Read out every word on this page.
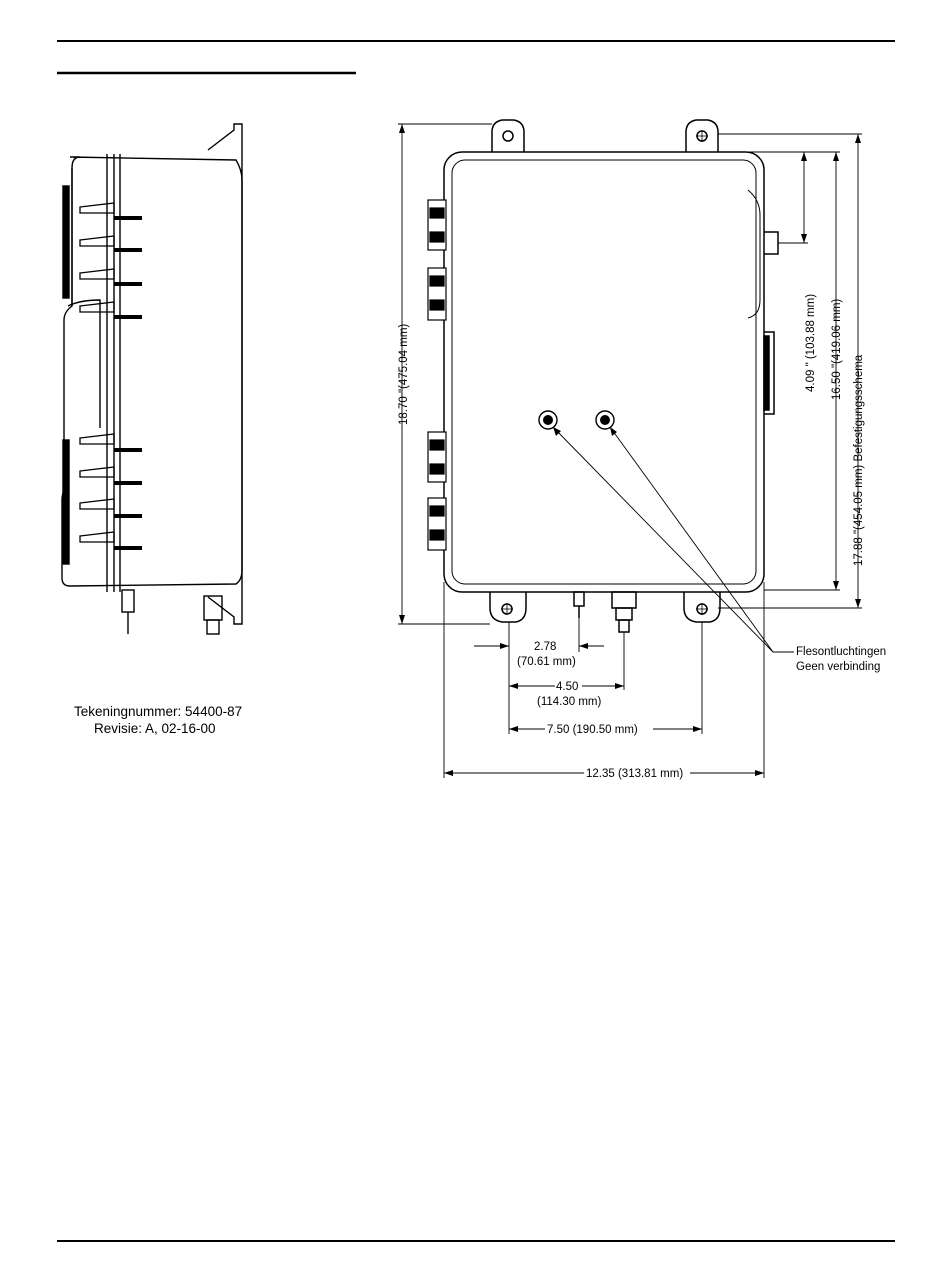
Tekeningnummer: 54400-87
Revisie: A, 02-16-00
Flesontluchtingen
Geen verbinding
18.70 "(475.04 mm)	4.09 " (103.88 mm) 16.50 "(419.06 mm)
17.88 "(454.05 mm) Befestigungsschema
2.78
(70.61 mm)
4.50
(114.30 mm)
7.50 (190.50 mm)
12.35 (313.81 mm)
